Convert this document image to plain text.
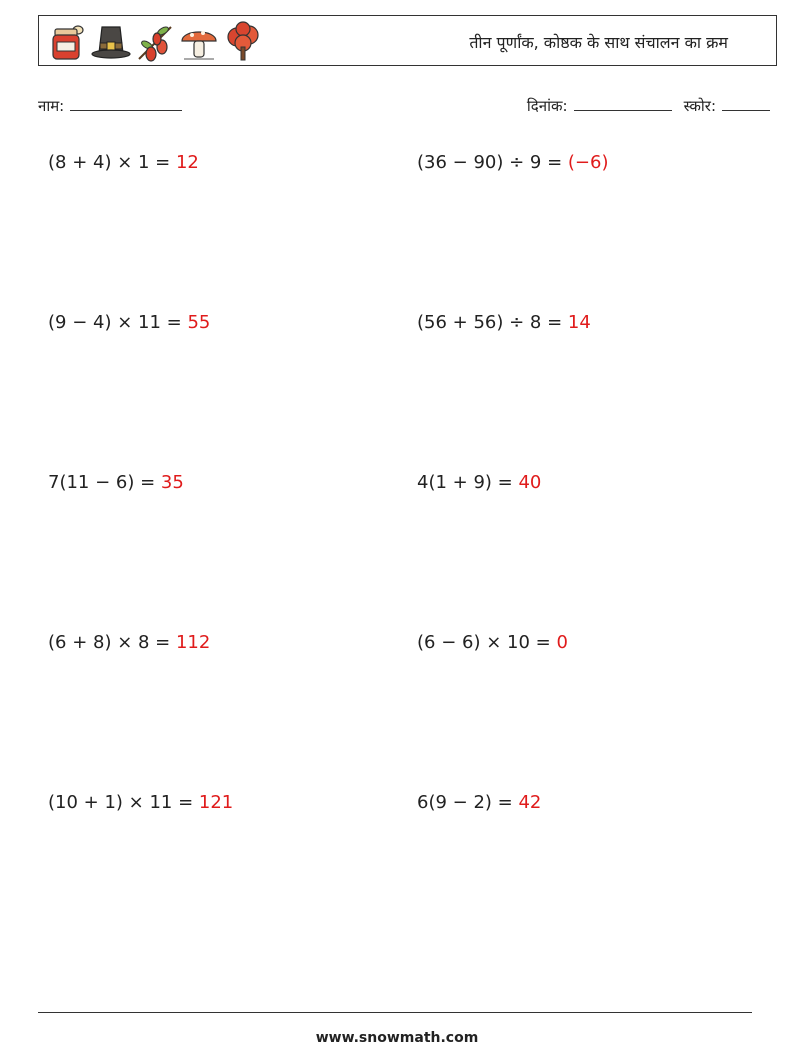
तीन पूर्णांक, कोष्ठक के साथ संचालन का क्रम
नाम:	दिनांक:	स्कोर:
(8 + 4) × 1 = 12	(36 − 90) ÷ 9 = (−6)
(9 − 4) × 11 = 55	(56 + 56) ÷ 8 = 14
7(11 − 6) = 35	4(1 + 9) = 40
(6 + 8) × 8 = 112	(6 − 6) × 10 = 0
(10 + 1) × 11 = 121	6(9 − 2) = 42
www.snowmath.com
